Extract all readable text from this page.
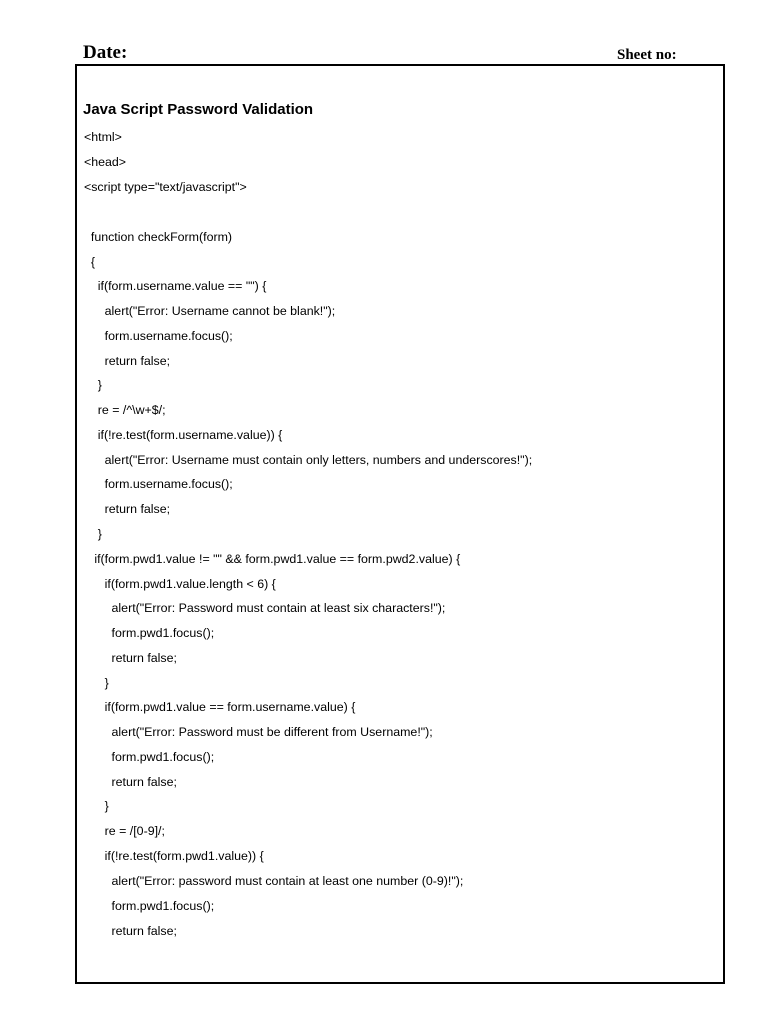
Date:	Sheet no:
Java Script Password Validation
<html>
<head>
<script type="text/javascript">
function checkForm(form)
{
if(form.username.value == "") {
alert("Error: Username cannot be blank!");
form.username.focus();
return false;
}
re = /^\w+$/;
if(!re.test(form.username.value)) {
alert("Error: Username must contain only letters, numbers and underscores!");
form.username.focus();
return false;
}
if(form.pwd1.value != "" && form.pwd1.value == form.pwd2.value) {
if(form.pwd1.value.length < 6) {
alert("Error: Password must contain at least six characters!");
form.pwd1.focus();
return false;
}
if(form.pwd1.value == form.username.value) {
alert("Error: Password must be different from Username!");
form.pwd1.focus();
return false;
}
re = /[0-9]/;
if(!re.test(form.pwd1.value)) {
alert("Error: password must contain at least one number (0-9)!");
form.pwd1.focus();
return false;
